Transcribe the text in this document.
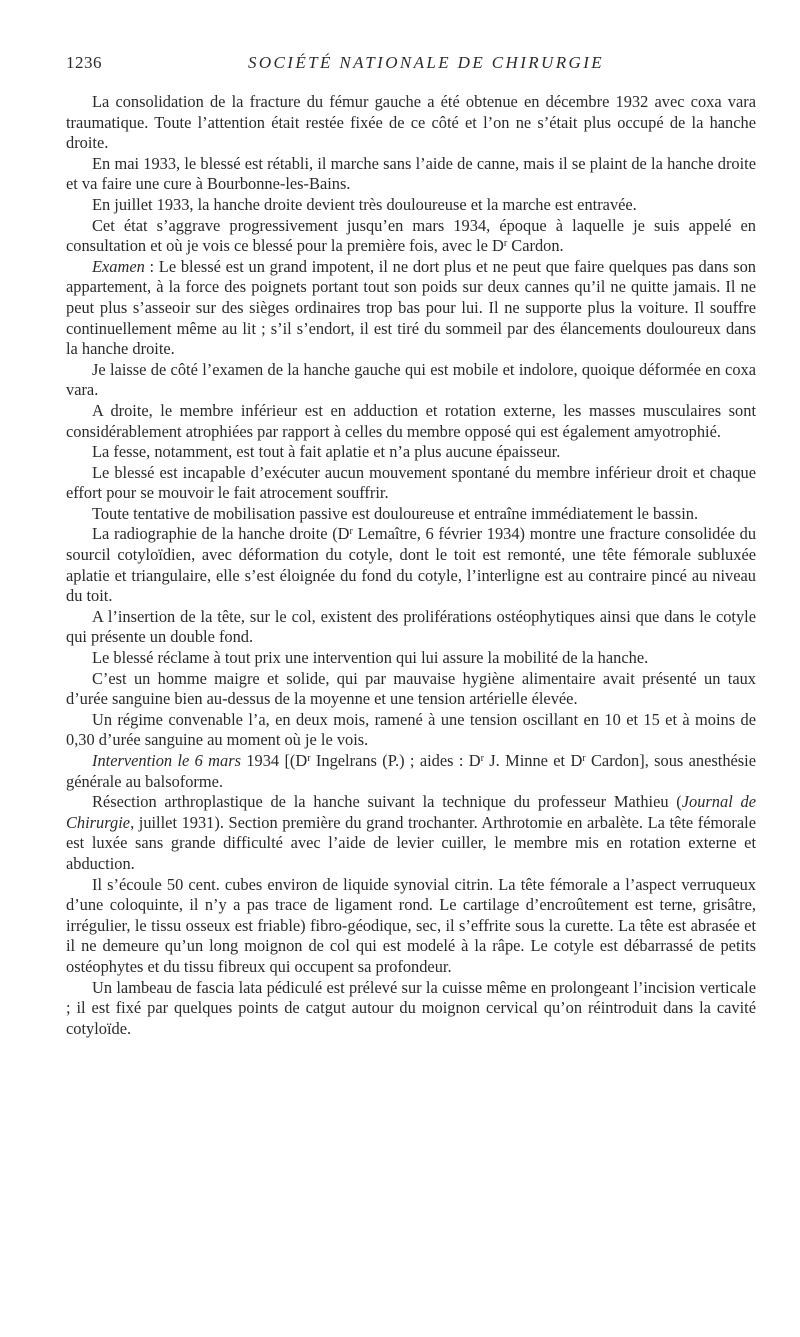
1236	SOCIÉTÉ NATIONALE DE CHIRURGIE

La consolidation de la fracture du fémur gauche a été obtenue en décembre 1932 avec coxa vara traumatique. Toute l’attention était restée fixée de ce côté et l’on ne s’était plus occupé de la hanche droite.

En mai 1933, le blessé est rétabli, il marche sans l’aide de canne, mais il se plaint de la hanche droite et va faire une cure à Bourbonne-les-Bains.

En juillet 1933, la hanche droite devient très douloureuse et la marche est entravée.

Cet état s’aggrave progressivement jusqu’en mars 1934, époque à laquelle je suis appelé en consultation et où je vois ce blessé pour la première fois, avec le $D^r$ Cardon.

Examen : Le blessé est un grand impotent, il ne dort plus et ne peut que faire quelques pas dans son appartement, à la force des poignets portant tout son poids sur deux cannes qu’il ne quitte jamais. Il ne peut plus s’asseoir sur des sièges ordinaires trop bas pour lui. Il ne supporte plus la voiture. Il souffre continuellement même au lit ; s’il s’endort, il est tiré du sommeil par des élancements douloureux dans la hanche droite.

Je laisse de côté l’examen de la hanche gauche qui est mobile et indolore, quoique déformée en coxa vara.

A droite, le membre inférieur est en adduction et rotation externe, les masses musculaires sont considérablement atrophiées par rapport à celles du membre opposé qui est également amyotrophié.

La fesse, notamment, est tout à fait aplatie et n’a plus aucune épaisseur.

Le blessé est incapable d’exécuter aucun mouvement spontané du membre inférieur droit et chaque effort pour se mouvoir le fait atrocement souffrir.

Toute tentative de mobilisation passive est douloureuse et entraîne immédiatement le bassin.

La radiographie de la hanche droite ($D^r$ Lemaître, 6 février 1934) montre une fracture consolidée du sourcil cotyloïdien, avec déformation du cotyle, dont le toit est remonté, une tête fémorale subluxée aplatie et triangulaire, elle s’est éloignée du fond du cotyle, l’interligne est au contraire pincé au niveau du toit.

A l’insertion de la tête, sur le col, existent des proliférations ostéophytiques ainsi que dans le cotyle qui présente un double fond.

Le blessé réclame à tout prix une intervention qui lui assure la mobilité de la hanche.

C’est un homme maigre et solide, qui par mauvaise hygiène alimentaire avait présenté un taux d’urée sanguine bien au-dessus de la moyenne et une tension artérielle élevée.

Un régime convenable l’a, en deux mois, ramené à une tension oscillant en 10 et 15 et à moins de 0,30 d’urée sanguine au moment où je le vois.

Intervention le 6 mars 1934 [($D^r$ Ingelrans (P.) ; aides : $D^r$ J. Minne et $D^r$ Cardon], sous anesthésie générale au balsoforme.

Résection arthroplastique de la hanche suivant la technique du professeur Mathieu (Journal de Chirurgie, juillet 1931). Section première du grand trochanter. Arthrotomie en arbalète. La tête fémorale est luxée sans grande difficulté avec l’aide de levier cuiller, le membre mis en rotation externe et abduction.

Il s’écoule 50 cent. cubes environ de liquide synovial citrin. La tête fémorale a l’aspect verruqueux d’une coloquinte, il n’y a pas trace de ligament rond. Le cartilage d’encroûtement est terne, grisâtre, irrégulier, le tissu osseux est friable) fibro-géodique, sec, il s’effrite sous la curette. La tête est abrasée et il ne demeure qu’un long moignon de col qui est modelé à la râpe. Le cotyle est débarrassé de petits ostéophytes et du tissu fibreux qui occupent sa profondeur.

Un lambeau de fascia lata pédiculé est prélevé sur la cuisse même en prolongeant l’incision verticale ; il est fixé par quelques points de catgut autour du moignon cervical qu’on réintroduit dans la cavité cotyloïde.
